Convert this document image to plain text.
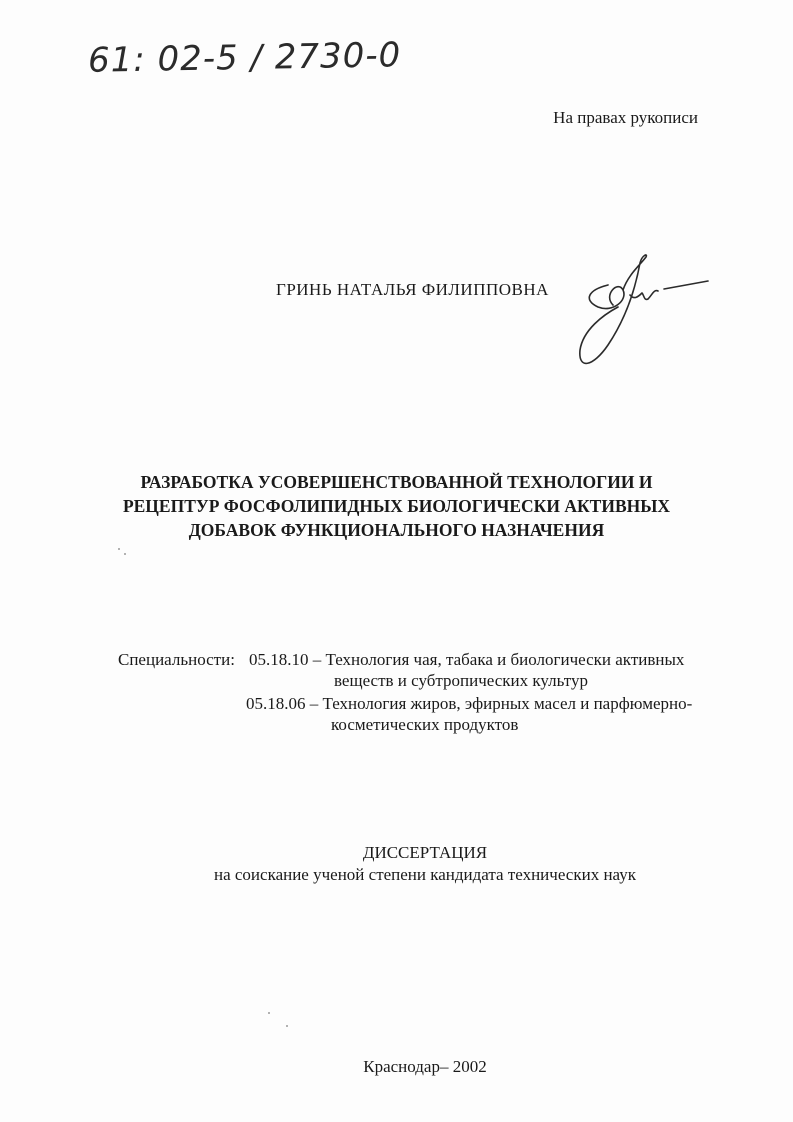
61: 02-5 / 2730-0
На правах рукописи
ГРИНЬ НАТАЛЬЯ ФИЛИППОВНА
РАЗРАБОТКА УСОВЕРШЕНСТВОВАННОЙ ТЕХНОЛОГИИ И
РЕЦЕПТУР ФОСФОЛИПИДНЫХ БИОЛОГИЧЕСКИ АКТИВНЫХ
ДОБАВОК ФУНКЦИОНАЛЬНОГО НАЗНАЧЕНИЯ
Специальности: 05.18.10 – Технология чая, табака и биологически активных
веществ и субтропических культур
05.18.06 – Технология жиров, эфирных масел и парфюмерно-
косметических продуктов
ДИССЕРТАЦИЯ
на соискание ученой степени кандидата технических наук
Краснодар– 2002
